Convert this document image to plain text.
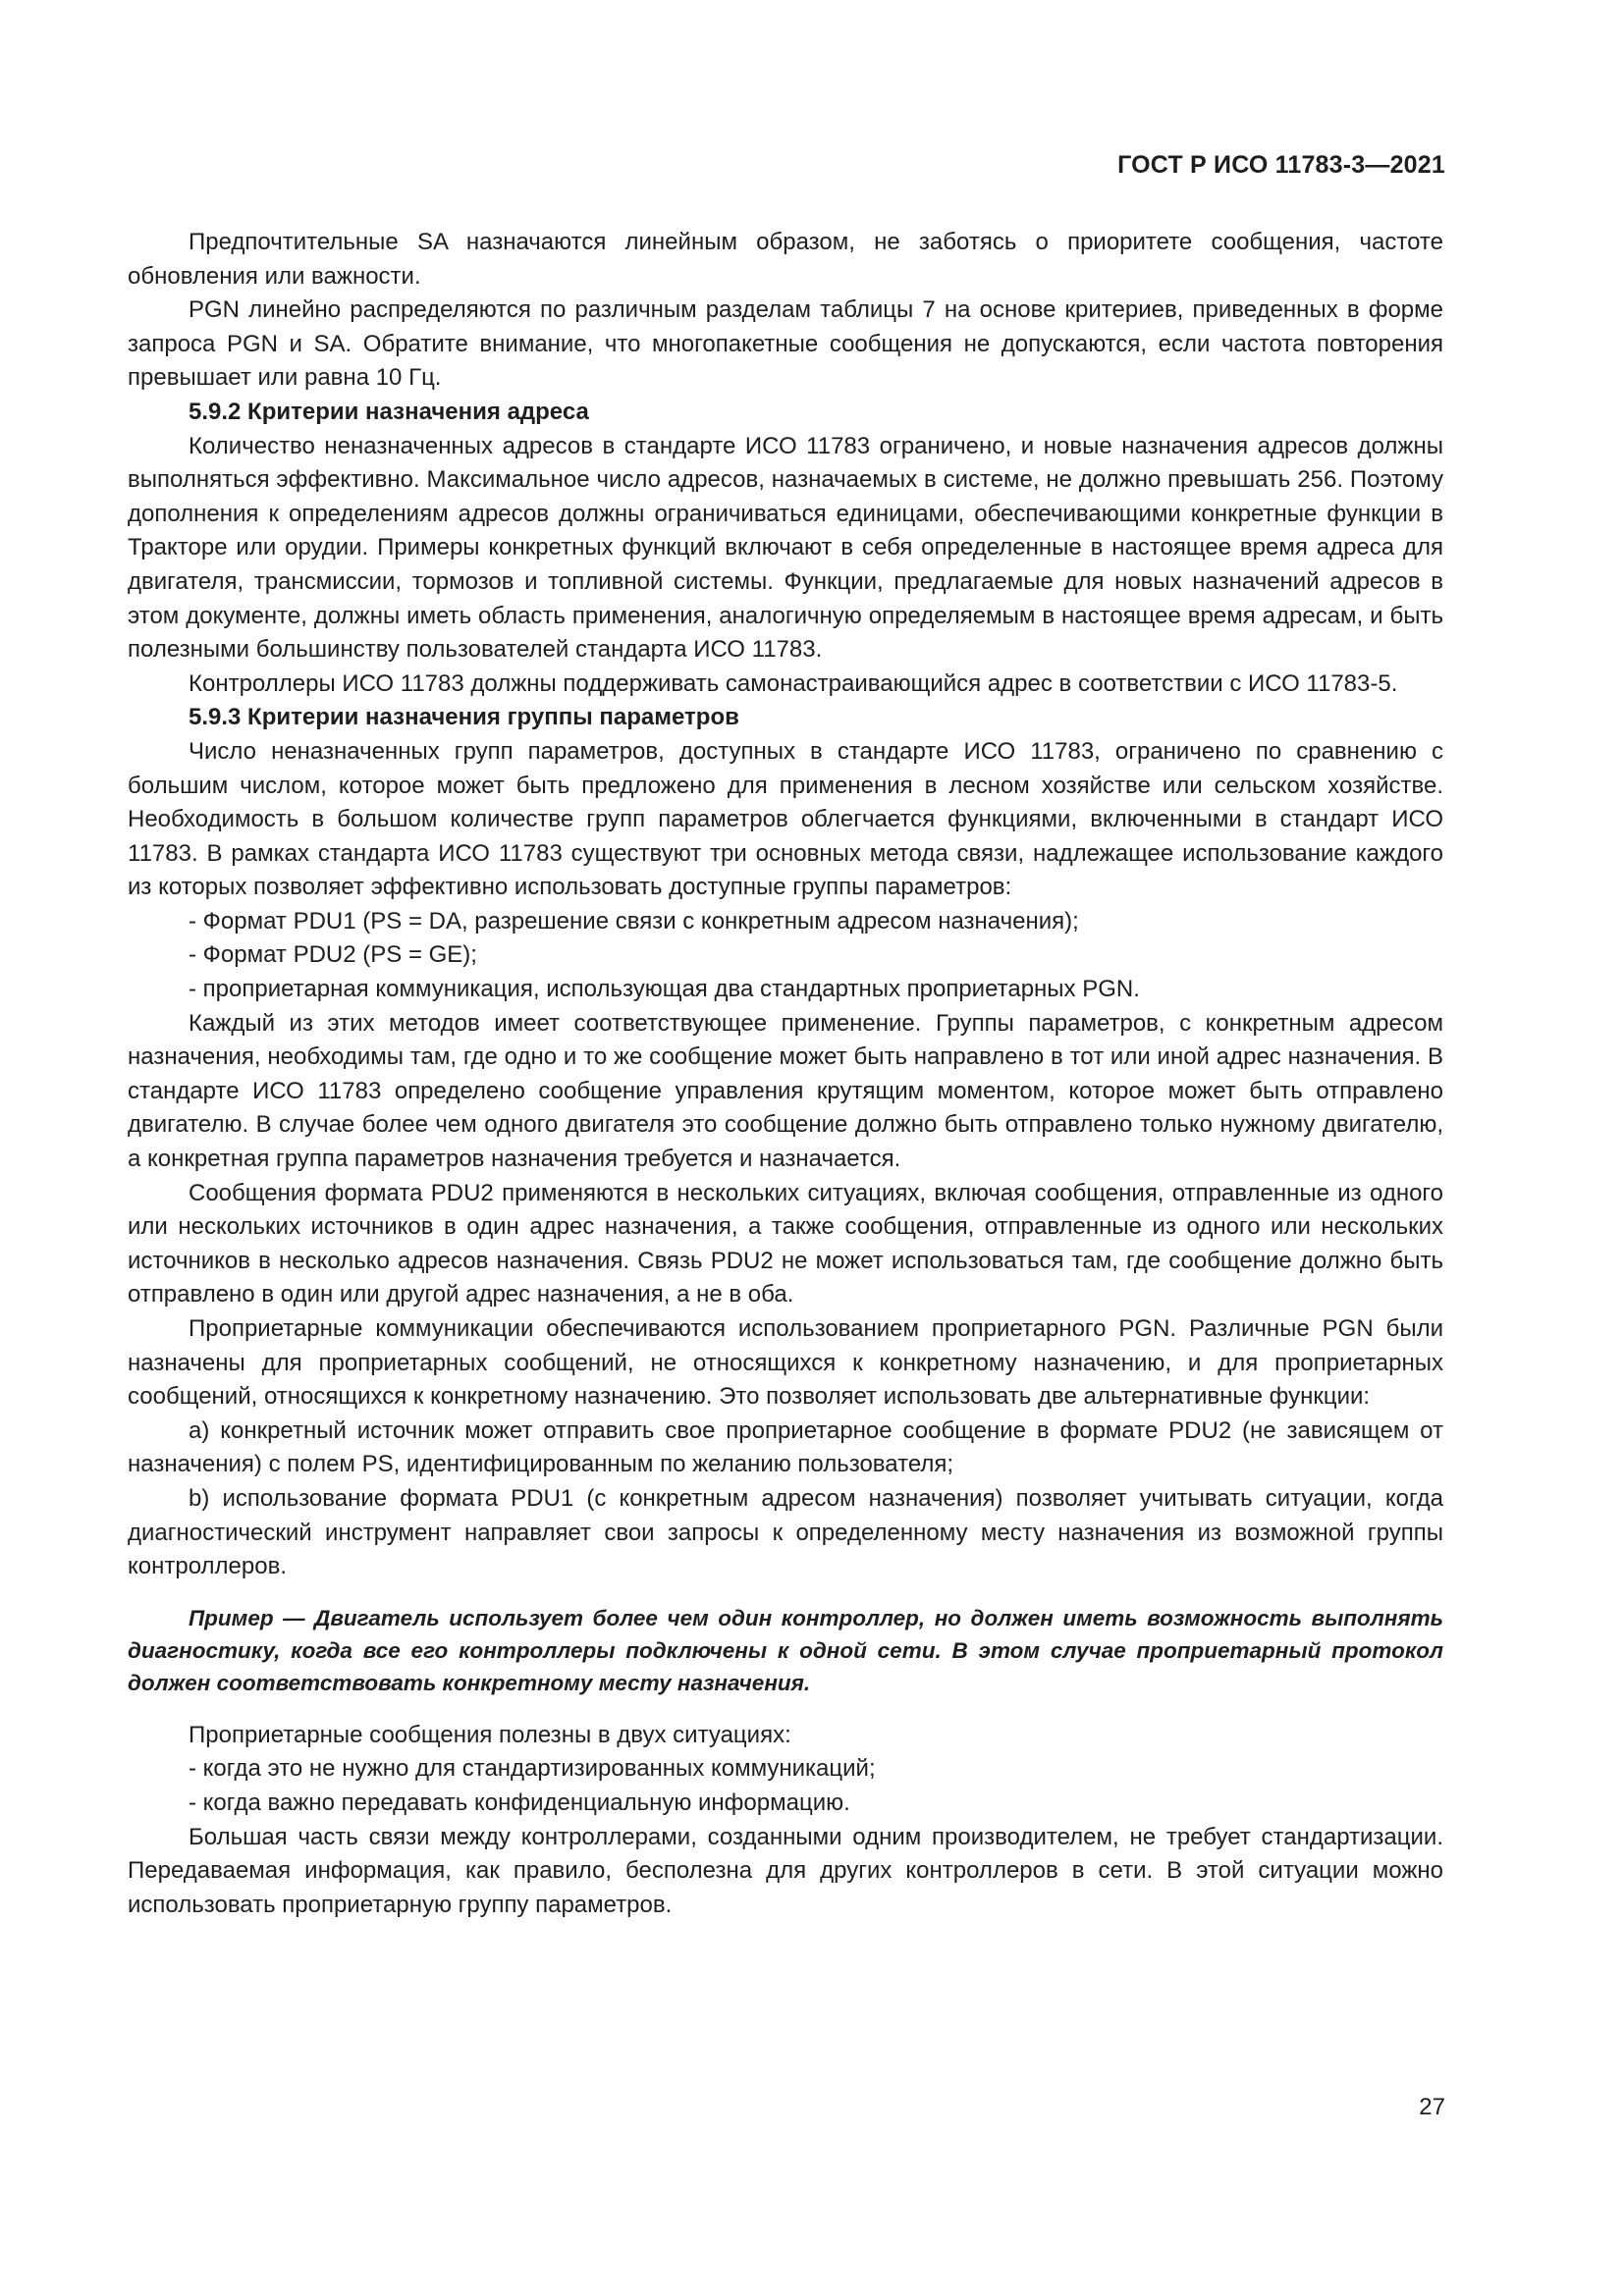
ГОСТ Р ИСО 11783-3—2021

Предпочтительные SA назначаются линейным образом, не заботясь о приоритете сообщения, частоте обновления или важности.

PGN линейно распределяются по различным разделам таблицы 7 на основе критериев, приведенных в форме запроса PGN и SA. Обратите внимание, что многопакетные сообщения не допускаются, если частота повторения превышает или равна 10 Гц.

5.9.2 Критерии назначения адреса

Количество неназначенных адресов в стандарте ИСО 11783 ограничено, и новые назначения адресов должны выполняться эффективно. Максимальное число адресов, назначаемых в системе, не должно превышать 256. Поэтому дополнения к определениям адресов должны ограничиваться единицами, обеспечивающими конкретные функции в Тракторе или орудии. Примеры конкретных функций включают в себя определенные в настоящее время адреса для двигателя, трансмиссии, тормозов и топливной системы. Функции, предлагаемые для новых назначений адресов в этом документе, должны иметь область применения, аналогичную определяемым в настоящее время адресам, и быть полезными большинству пользователей стандарта ИСО 11783.

Контроллеры ИСО 11783 должны поддерживать самонастраивающийся адрес в соответствии с ИСО 11783-5.

5.9.3 Критерии назначения группы параметров

Число неназначенных групп параметров, доступных в стандарте ИСО 11783, ограничено по сравнению с большим числом, которое может быть предложено для применения в лесном хозяйстве или сельском хозяйстве. Необходимость в большом количестве групп параметров облегчается функциями, включенными в стандарт ИСО 11783. В рамках стандарта ИСО 11783 существуют три основных метода связи, надлежащее использование каждого из которых позволяет эффективно использовать доступные группы параметров:

- Формат PDU1 (PS = DA, разрешение связи с конкретным адресом назначения);

- Формат PDU2 (PS = GE);

- проприетарная коммуникация, использующая два стандартных проприетарных PGN.

Каждый из этих методов имеет соответствующее применение. Группы параметров, с конкретным адресом назначения, необходимы там, где одно и то же сообщение может быть направлено в тот или иной адрес назначения. В стандарте ИСО 11783 определено сообщение управления крутящим моментом, которое может быть отправлено двигателю. В случае более чем одного двигателя это сообщение должно быть отправлено только нужному двигателю, а конкретная группа параметров назначения требуется и назначается.

Сообщения формата PDU2 применяются в нескольких ситуациях, включая сообщения, отправленные из одного или нескольких источников в один адрес назначения, а также сообщения, отправленные из одного или нескольких источников в несколько адресов назначения. Связь PDU2 не может использоваться там, где сообщение должно быть отправлено в один или другой адрес назначения, а не в оба.

Проприетарные коммуникации обеспечиваются использованием проприетарного PGN. Различные PGN были назначены для проприетарных сообщений, не относящихся к конкретному назначению, и для проприетарных сообщений, относящихся к конкретному назначению. Это позволяет использовать две альтернативные функции:

a) конкретный источник может отправить свое проприетарное сообщение в формате PDU2 (не зависящем от назначения) с полем PS, идентифицированным по желанию пользователя;

b) использование формата PDU1 (с конкретным адресом назначения) позволяет учитывать ситуации, когда диагностический инструмент направляет свои запросы к определенному месту назначения из возможной группы контроллеров.

Пример — Двигатель использует более чем один контроллер, но должен иметь возможность выполнять диагностику, когда все его контроллеры подключены к одной сети. В этом случае проприетарный протокол должен соответствовать конкретному месту назначения.

Проприетарные сообщения полезны в двух ситуациях:

- когда это не нужно для стандартизированных коммуникаций;

- когда важно передавать конфиденциальную информацию.

Большая часть связи между контроллерами, созданными одним производителем, не требует стандартизации. Передаваемая информация, как правило, бесполезна для других контроллеров в сети. В этой ситуации можно использовать проприетарную группу параметров.

27
